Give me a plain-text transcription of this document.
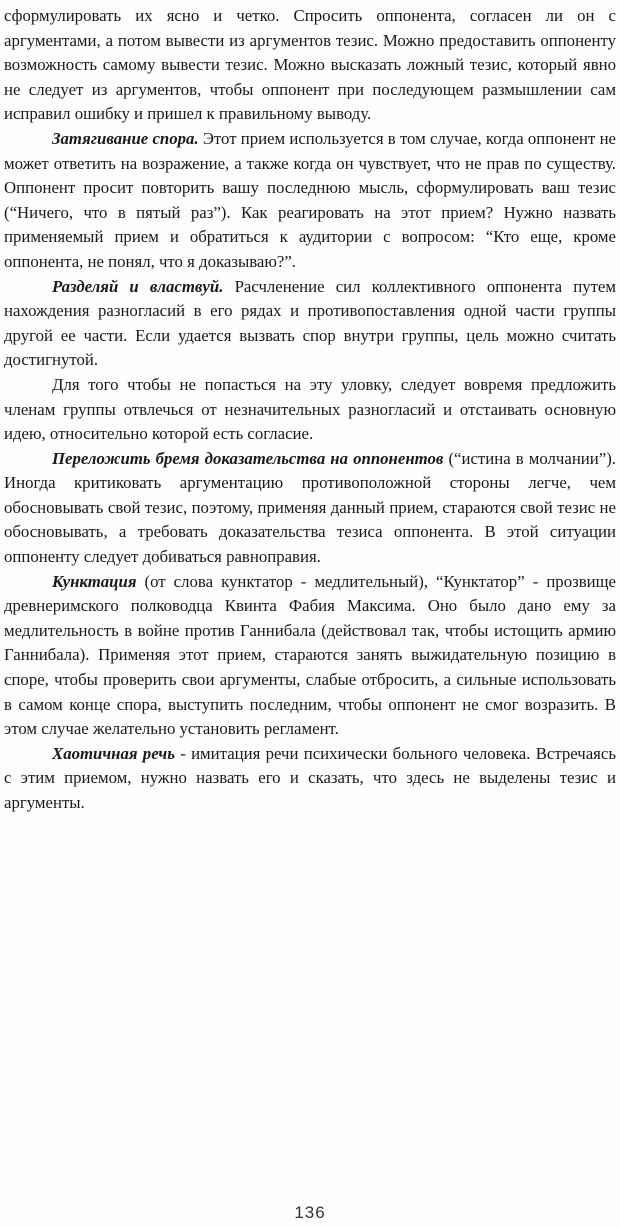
сформулировать их ясно и четко. Спросить оппонента, согласен ли он с аргументами, а потом вывести из аргументов тезис. Можно предоставить оппоненту возможность самому вывести тезис. Можно высказать ложный тезис, который явно не следует из аргументов, чтобы оппонент при последующем размышлении сам исправил ошибку и пришел к правильному выводу.

Затягивание спора. Этот прием используется в том случае, когда оппонент не может ответить на возражение, а также когда он чувствует, что не прав по существу. Оппонент просит повторить вашу последнюю мысль, сформулировать ваш тезис (“Ничего, что в пятый раз”). Как реагировать на этот прием? Нужно назвать применяемый прием и обратиться к аудитории с вопросом: “Кто еще, кроме оппонента, не понял, что я доказываю?”.

Разделяй и властвуй. Расчленение сил коллективного оппонента путем нахождения разногласий в его рядах и противопоставления одной части группы другой ее части. Если удается вызвать спор внутри группы, цель можно считать достигнутой.

Для того чтобы не попасться на эту уловку, следует вовремя предложить членам группы отвлечься от незначительных разногласий и отстаивать основную идею, относительно которой есть согласие.

Переложить бремя доказательства на оппонентов (“истина в молчании”). Иногда критиковать аргументацию противоположной стороны легче, чем обосновывать свой тезис, поэтому, применяя данный прием, стараются свой тезис не обосновывать, а требовать доказательства тезиса оппонента. В этой ситуации оппоненту следует добиваться равноправия.

Кунктация (от слова кунктатор - медлительный), “Кунктатор” - прозвище древнеримского полководца Квинта Фабия Максима. Оно было дано ему за медлительность в войне против Ганнибала (действовал так, чтобы истощить армию Ганнибала). Применяя этот прием, стараются занять выжидательную позицию в споре, чтобы проверить свои аргументы, слабые отбросить, а сильные использовать в самом конце спора, выступить последним, чтобы оппонент не смог возразить. В этом случае желательно установить регламент.

Хаотичная речь - имитация речи психически больного человека. Встречаясь с этим приемом, нужно назвать его и сказать, что здесь не выделены тезис и аргументы.

136
